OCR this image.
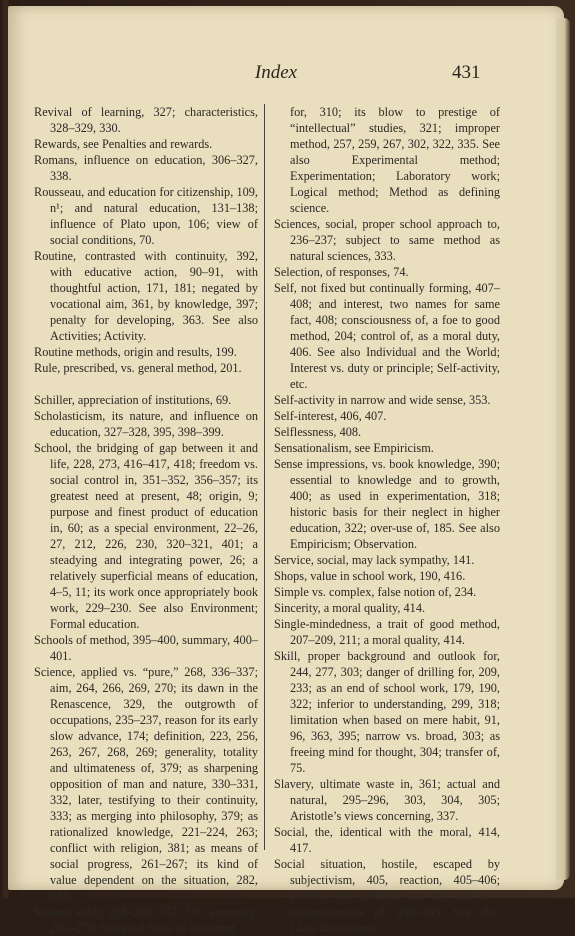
Index	431

Revival of learning, 327; characteristics, 328–329, 330.

Rewards, see Penalties and rewards.

Romans, influence on education, 306–327, 338.

Rousseau, and education for citizenship, 109, n¹; and natural education, 131–138; influence of Plato upon, 106; view of social conditions, 70.

Routine, contrasted with continuity, 392, with educative action, 90–91, with thoughtful action, 171, 181; negated by vocational aim, 361, by knowledge, 397; penalty for developing, 363. See also Activities; Activity.

Routine methods, origin and results, 199.

Rule, prescribed, vs. general method, 201.

Schiller, appreciation of institutions, 69.

Scholasticism, its nature, and influence on education, 327–328, 395, 398–399.

School, the bridging of gap between it and life, 228, 273, 416–417, 418; freedom vs. social control in, 351–352, 356–357; its greatest need at present, 48; origin, 9; purpose and finest product of education in, 60; as a special environment, 22–26, 27, 212, 226, 230, 320–321, 401; a steadying and integrating power, 26; a relatively superficial means of education, 4–5, 11; its work once appropriately book work, 229–230. See also Environment; Formal education.

Schools of method, 395–400, summary, 400–401.

Science, applied vs. “pure,” 268, 336–337; aim, 264, 266, 269, 270; its dawn in the Renascence, 329, the outgrowth of occupations, 235–237, reason for its early slow advance, 174; definition, 223, 256, 263, 267, 268, 269; generality, totality and ultimateness of, 379; as sharpening opposition of man and nature, 330–331, 332, later, testifying to their continuity, 333; as merging into philosophy, 379; as rationalized knowledge, 221–224, 263; conflict with religion, 381; as means of social progress, 261–267; its kind of value dependent on the situation, 282, 384.

Science study, 256–269, 372, 376, summary, 269–270; historical basis of contempt

for, 310; its blow to prestige of “intellectual” studies, 321; improper method, 257, 259, 267, 302, 322, 335. See also Experimental method; Experimentation; Laboratory work; Logical method; Method as defining science.

Sciences, social, proper school approach to, 236–237; subject to same method as natural sciences, 333.

Selection, of responses, 74.

Self, not fixed but continually forming, 407–408; and interest, two names for same fact, 408; consciousness of, a foe to good method, 204; control of, as a moral duty, 406. See also Individual and the World; Interest vs. duty or principle; Self-activity, etc.

Self-activity in narrow and wide sense, 353.

Self-interest, 406, 407.

Selflessness, 408.

Sensationalism, see Empiricism.

Sense impressions, vs. book knowledge, 390; essential to knowledge and to growth, 400; as used in experimentation, 318; historic basis for their neglect in higher education, 322; over-use of, 185. See also Empiricism; Observation.

Service, social, may lack sympathy, 141.

Shops, value in school work, 190, 416.

Simple vs. complex, false notion of, 234.

Sincerity, a moral quality, 414.

Single-mindedness, a trait of good method, 207–209, 211; a moral quality, 414.

Skill, proper background and outlook for, 244, 277, 303; danger of drilling for, 209, 233; as an end of school work, 179, 190, 322; inferior to understanding, 299, 318; limitation when based on mere habit, 91, 96, 363, 395; narrow vs. broad, 303; as freeing mind for thought, 304; transfer of, 75.

Slavery, ultimate waste in, 361; actual and natural, 295–296, 303, 304, 305; Aristotle’s views concerning, 337.

Social, the, identical with the moral, 414, 417.

Social situation, hostile, escaped by subjectivism, 405, reaction, 405–406; present, the greatest evil of, 370–371; inconsistencies of, 298–305. See also Class distinctions.
